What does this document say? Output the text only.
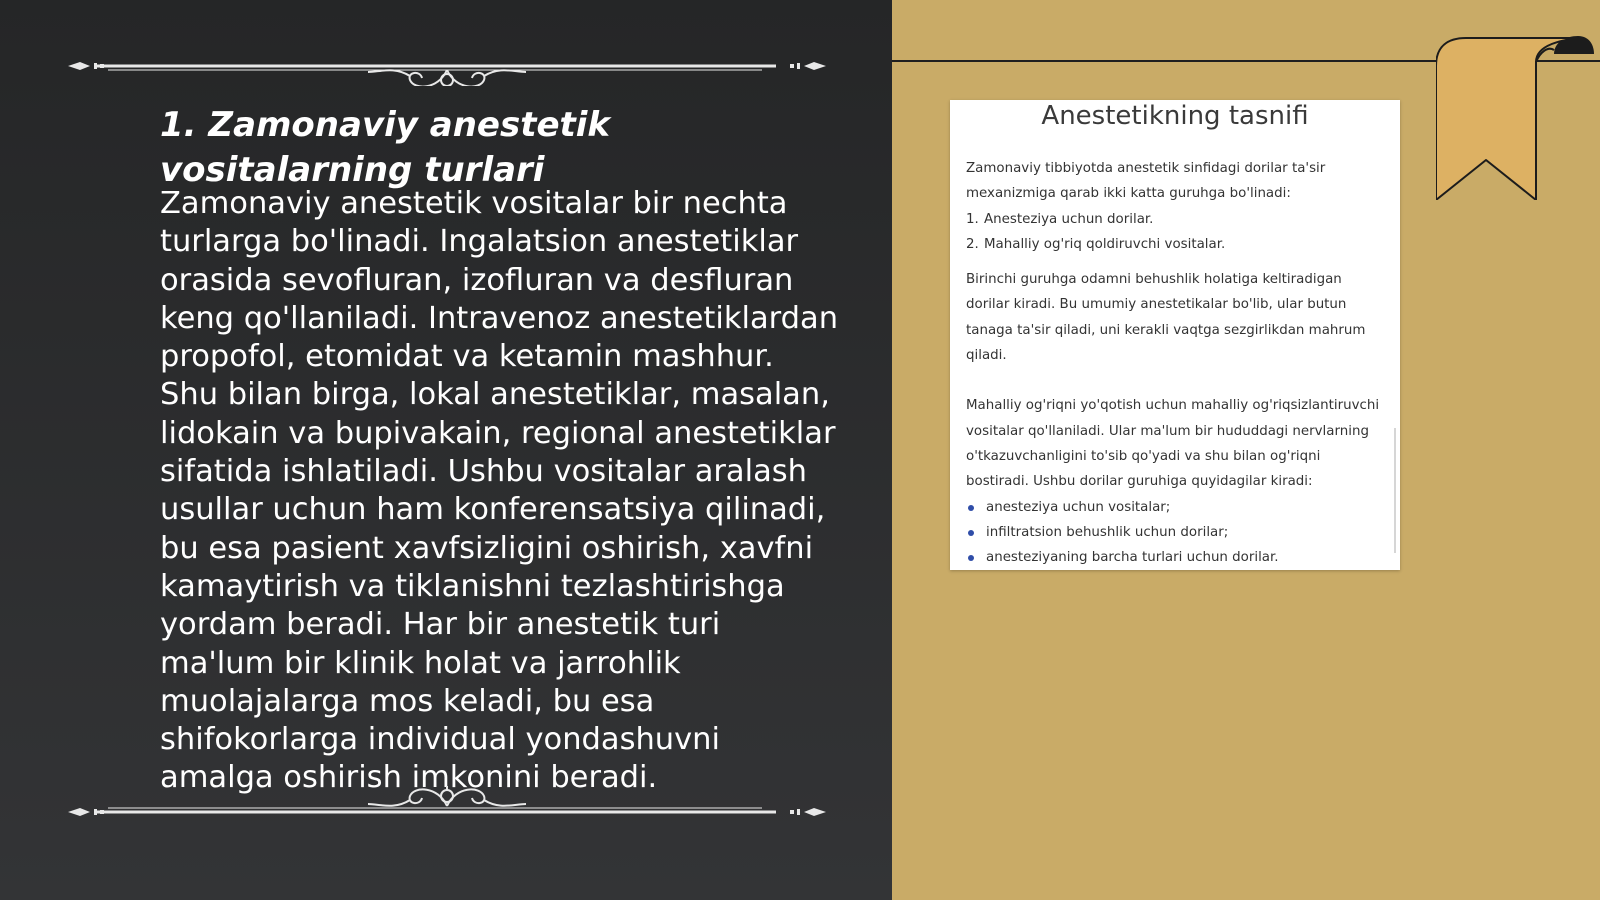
1. Zamonaviy anestetik vositalarning turlari

Zamonaviy anestetik vositalar bir nechta turlarga bo'linadi. Ingalatsion anestetiklar orasida sevofluran, izofluran va desfluran keng qo'llaniladi. Intravenoz anestetiklardan propofol, etomidat va ketamin mashhur. Shu bilan birga, lokal anestetiklar, masalan, lidokain va bupivakain, regional anestetiklar sifatida ishlatiladi. Ushbu vositalar aralash usullar uchun ham konferensatsiya qilinadi, bu esa pasient xavfsizligini oshirish, xavfni kamaytirish va tiklanishni tezlashtirishga yordam beradi. Har bir anestetik turi ma'lum bir klinik holat va jarrohlik muolajalarga mos keladi, bu esa shifokorlarga individual yondashuvni amalga oshirish imkonini beradi.

Anestetikning tasnifi

Zamonaviy tibbiyotda anestetik sinfidagi dorilar ta'sir mexanizmiga qarab ikki katta guruhga bo'linadi:

1. Anesteziya uchun dorilar.
2. Mahalliy og'riq qoldiruvchi vositalar.

Birinchi guruhga odamni behushlik holatiga keltiradigan dorilar kiradi. Bu umumiy anestetikalar bo'lib, ular butun tanaga ta'sir qiladi, uni kerakli vaqtga sezgirlikdan mahrum qiladi.

Mahalliy og'riqni yo'qotish uchun mahalliy og'riqsizlantiruvchi vositalar qo'llaniladi. Ular ma'lum bir hududdagi nervlarning o'tkazuvchanligini to'sib qo'yadi va shu bilan og'riqni bostiradi. Ushbu dorilar guruhiga quyidagilar kiradi:

anesteziya uchun vositalar;
infiltratsion behushlik uchun dorilar;
anesteziyaning barcha turlari uchun dorilar.
